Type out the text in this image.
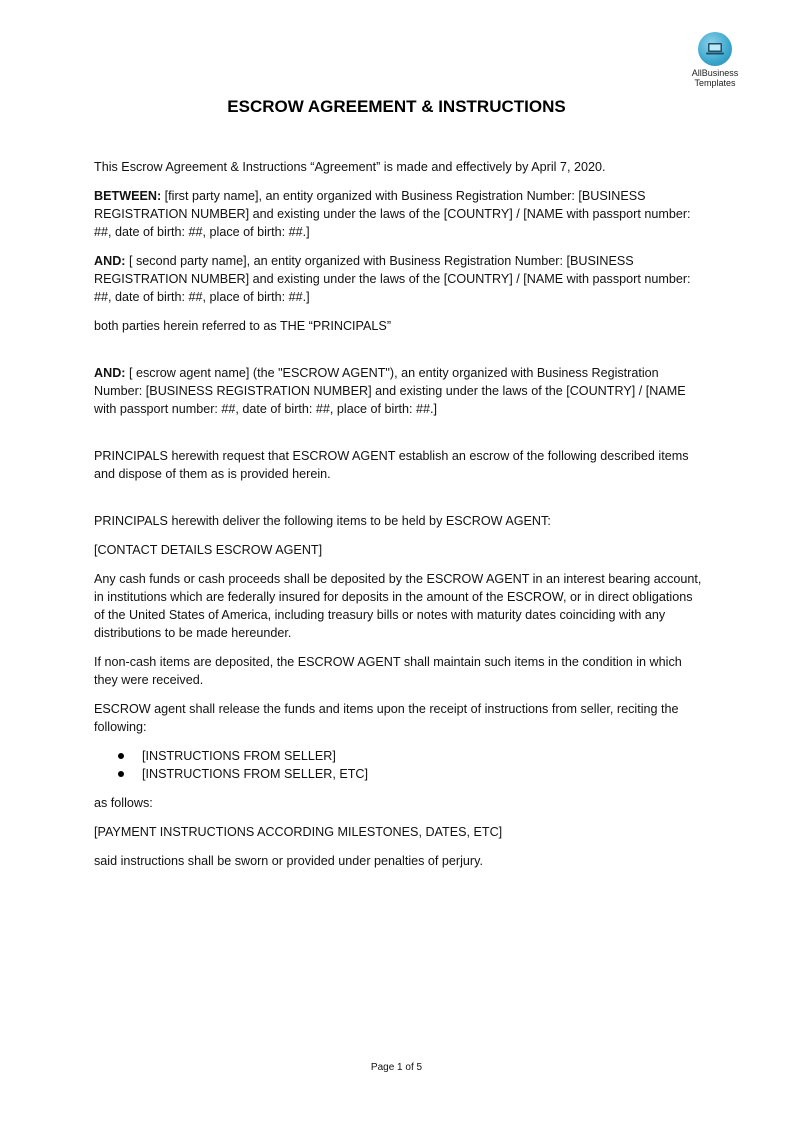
AllBusiness
Templates
ESCROW AGREEMENT & INSTRUCTIONS

This Escrow Agreement & Instructions “Agreement” is made and effectively by April 7, 2020.

BETWEEN: [first party name], an entity organized with Business Registration Number: [BUSINESS REGISTRATION NUMBER] and existing under the laws of the [COUNTRY] / [NAME with passport number: ##, date of birth: ##, place of birth: ##.]

AND: [ second party name], an entity organized with Business Registration Number: [BUSINESS REGISTRATION NUMBER] and existing under the laws of the [COUNTRY] / [NAME with passport number: ##, date of birth: ##, place of birth: ##.]

both parties herein referred to as THE “PRINCIPALS”

AND: [ escrow agent name] (the "ESCROW AGENT"), an entity organized with Business Registration Number: [BUSINESS REGISTRATION NUMBER] and existing under the laws of the [COUNTRY] / [NAME with passport number: ##, date of birth: ##, place of birth: ##.]

PRINCIPALS herewith request that ESCROW AGENT establish an escrow of the following described items and dispose of them as is provided herein.

PRINCIPALS herewith deliver the following items to be held by ESCROW AGENT:

[CONTACT DETAILS ESCROW AGENT]

Any cash funds or cash proceeds shall be deposited by the ESCROW AGENT in an interest bearing account, in institutions which are federally insured for deposits in the amount of the ESCROW, or in direct obligations of the United States of America, including treasury bills or notes with maturity dates coinciding with any distributions to be made hereunder.

If non-cash items are deposited, the ESCROW AGENT shall maintain such items in the condition in which they were received.

ESCROW agent shall release the funds and items upon the receipt of instructions from seller, reciting the following:

[INSTRUCTIONS FROM SELLER]
[INSTRUCTIONS FROM SELLER, ETC]

as follows:

[PAYMENT INSTRUCTIONS ACCORDING MILESTONES, DATES, ETC]

said instructions shall be sworn or provided under penalties of perjury.

Page 1 of 5
